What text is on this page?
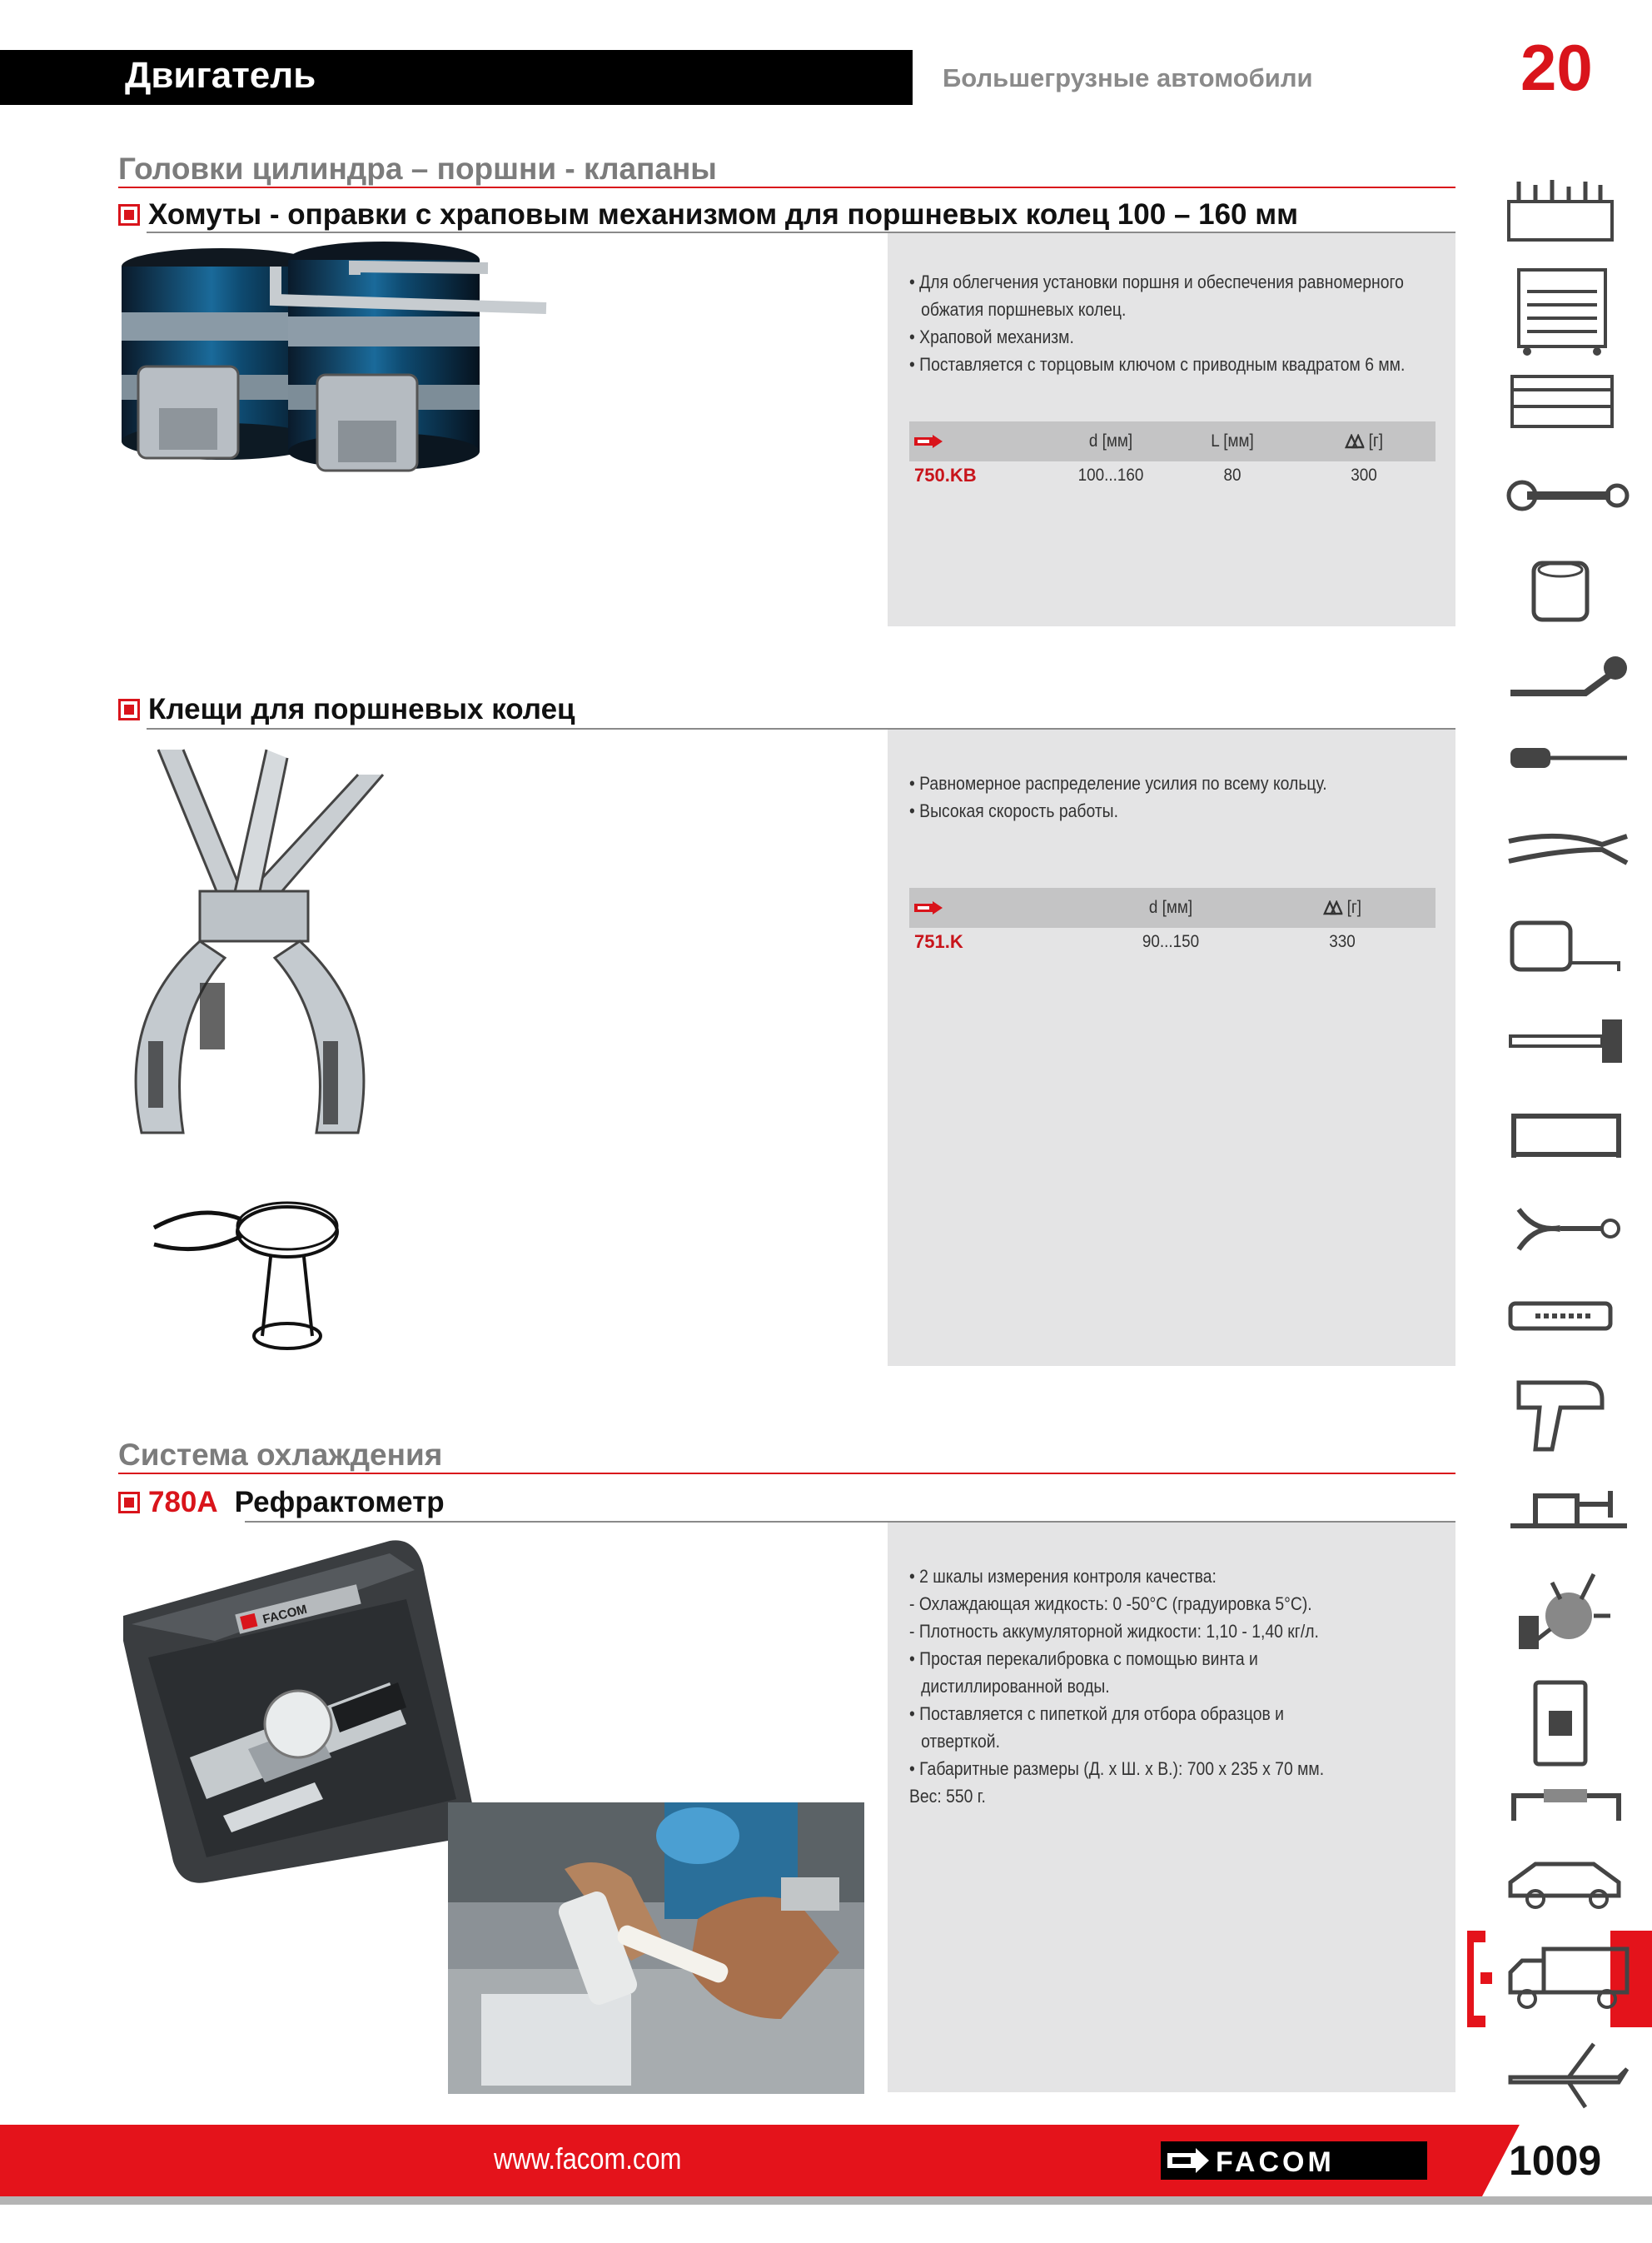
Двигатель	Большегрузные автомобили	20
Головки цилиндра – поршни - клапаны
Хомуты - оправки с храповым механизмом для поршневых колец 100 – 160 мм
• Для облегчения установки поршня и обеспечения равномерного
обжатия поршневых колец.
• Храповой механизм.
• Поставляется с торцовым ключом с приводным квадратом 6 мм.
d [мм]	L [мм]	[г]
750.KB	100...160	80	300
Клещи для поршневых колец
• Равномерное распределение усилия по всему кольцу.
• Высокая скорость работы.
d [мм]	[г]
751.K	90...150	330
Система охлаждения
780A Рефрактометр
FACOM
• 2 шкалы измерения контроля качества:
- Охлаждающая жидкость: 0 -50°C (градуировка 5°C).
- Плотность аккумуляторной жидкости: 1,10 - 1,40 кг/л.
• Простая перекалибровка с помощью винта и
дистиллированной воды.
• Поставляется с пипеткой для отбора образцов и
отверткой.
• Габаритные размеры (Д. х Ш. х В.): 700 x 235 x 70 мм.
Вес: 550 г.
www.facom.com	FACOM	1009
